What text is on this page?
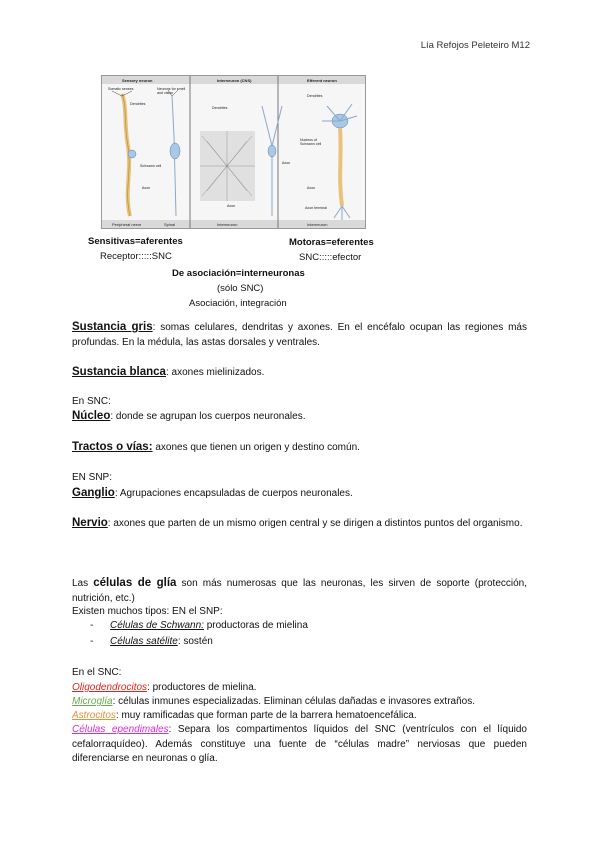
Lía Refojos Peleteiro M12
Sensory neuron	Interneuron (CNS)	Efferent neuron
Peripheral nerve	Spinal	Interneuron	Interneuron
Somatic senses	Neurons for smell and vision
Dendrites
Schwann cell
Axon
Dendrites
Axon
Axon
Dendrites
Nucleus of Schwann cell
Axon
Axon terminal
Sensitivas=aferentes
Receptor:::::SNC
Motoras=eferentes
SNC:::::efector
De asociación=interneuronas
(sólo SNC)
Asociación, integración
Sustancia gris: somas celulares, dendritas y axones. En el encéfalo ocupan las regiones más profundas. En la médula, las astas dorsales y ventrales.
Sustancia blanca: axones mielinizados.
En SNC:
Núcleo: donde se agrupan los cuerpos neuronales.
Tractos o vías: axones que tienen un origen y destino común.
EN SNP:
Ganglio: Agrupaciones encapsuladas de cuerpos neuronales.
Nervio: axones que parten de un mismo origen central y se dirigen a distintos puntos del organismo.
Las células de glía son más numerosas que las neuronas, les sirven de soporte (protección, nutrición, etc.)
Existen muchos tipos: EN el SNP:
- Células de Schwann: productoras de mielina
- Células satélite: sostén
En el SNC:
Oligodendrocitos: productores de mielina.
Microglía: células inmunes especializadas. Eliminan células dañadas e invasores extraños.
Astrocitos: muy ramificadas que forman parte de la barrera hematoencefálica.
Células ependimales: Separa los compartimentos líquidos del SNC (ventrículos con el líquido cefalorraquídeo). Además constituye una fuente de “células madre” nerviosas que pueden diferenciarse en neuronas o glía.
